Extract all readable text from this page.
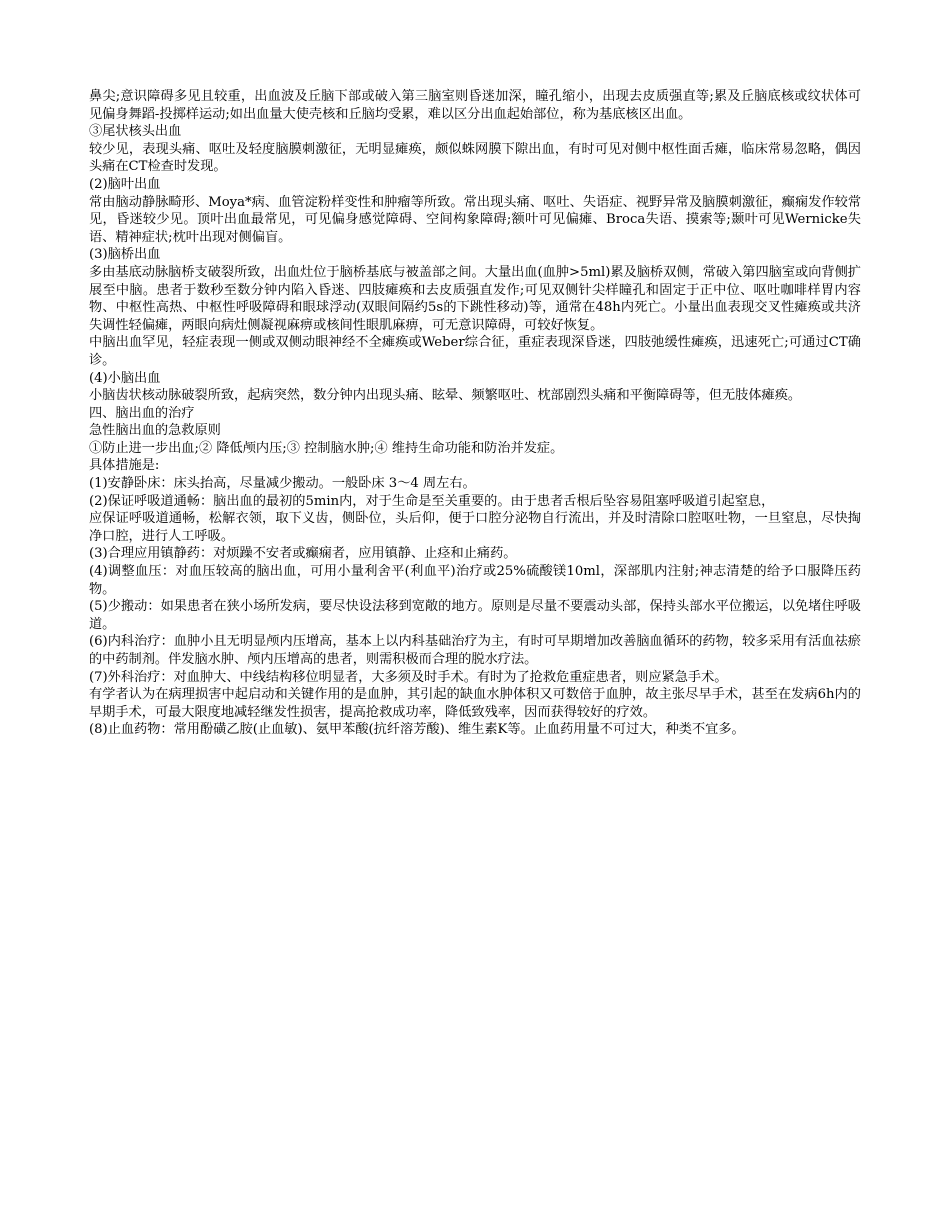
鼻尖;意识障碍多见且较重，出血波及丘脑下部或破入第三脑室则昏迷加深，瞳孔缩小，出现去皮质强直等;累及丘脑底核或纹状体可见偏身舞蹈-投掷样运动;如出血量大使壳核和丘脑均受累，难以区分出血起始部位，称为基底核区出血。

③尾状核头出血

较少见，表现头痛、呕吐及轻度脑膜刺激征，无明显瘫痪，颇似蛛网膜下隙出血，有时可见对侧中枢性面舌瘫，临床常易忽略，偶因头痛在CT检查时发现。

(2)脑叶出血

常由脑动静脉畸形、Moya*病、血管淀粉样变性和肿瘤等所致。常出现头痛、呕吐、失语症、视野异常及脑膜刺激征，癫痫发作较常见，昏迷较少见。顶叶出血最常见，可见偏身感觉障碍、空间构象障碍;额叶可见偏瘫、Broca失语、摸索等;颞叶可见Wernicke失语、精神症状;枕叶出现对侧偏盲。

(3)脑桥出血

多由基底动脉脑桥支破裂所致，出血灶位于脑桥基底与被盖部之间。大量出血(血肿>5ml)累及脑桥双侧，常破入第四脑室或向背侧扩展至中脑。患者于数秒至数分钟内陷入昏迷、四肢瘫痪和去皮质强直发作;可见双侧针尖样瞳孔和固定于正中位、呕吐咖啡样胃内容物、中枢性高热、中枢性呼吸障碍和眼球浮动(双眼间隔约5s的下跳性移动)等，通常在48h内死亡。小量出血表现交叉性瘫痪或共济失调性轻偏瘫，两眼向病灶侧凝视麻痹或核间性眼肌麻痹，可无意识障碍，可较好恢复。

中脑出血罕见，轻症表现一侧或双侧动眼神经不全瘫痪或Weber综合征，重症表现深昏迷，四肢弛缓性瘫痪，迅速死亡;可通过CT确诊。

(4)小脑出血

小脑齿状核动脉破裂所致，起病突然，数分钟内出现头痛、眩晕、频繁呕吐、枕部剧烈头痛和平衡障碍等，但无肢体瘫痪。

四、脑出血的治疗

急性脑出血的急救原则

①防止进一步出血;② 降低颅内压;③ 控制脑水肿;④ 维持生命功能和防治并发症。

具体措施是:

(1)安静卧床：床头抬高，尽量减少搬动。一般卧床 3～4 周左右。

(2)保证呼吸道通畅：脑出血的最初的5min内，对于生命是至关重要的。由于患者舌根后坠容易阻塞呼吸道引起窒息，

应保证呼吸道通畅，松解衣领，取下义齿，侧卧位，头后仰，便于口腔分泌物自行流出，并及时清除口腔呕吐物，一旦窒息，尽快掏净口腔，进行人工呼吸。

(3)合理应用镇静药：对烦躁不安者或癫痫者，应用镇静、止痉和止痛药。

(4)调整血压：对血压较高的脑出血，可用小量利舍平(利血平)治疗或25%硫酸镁10ml，深部肌内注射;神志清楚的给予口服降压药物。

(5)少搬动：如果患者在狭小场所发病，要尽快设法移到宽敞的地方。原则是尽量不要震动头部，保持头部水平位搬运，以免堵住呼吸道。

(6)内科治疗：血肿小且无明显颅内压增高，基本上以内科基础治疗为主，有时可早期增加改善脑血循环的药物，较多采用有活血祛瘀的中药制剂。伴发脑水肿、颅内压增高的患者，则需积极而合理的脱水疗法。

(7)外科治疗：对血肿大、中线结构移位明显者，大多须及时手术。有时为了抢救危重症患者，则应紧急手术。

有学者认为在病理损害中起启动和关键作用的是血肿，其引起的缺血水肿体积又可数倍于血肿，故主张尽早手术，甚至在发病6h内的早期手术，可最大限度地减轻继发性损害，提高抢救成功率，降低致残率，因而获得较好的疗效。

(8)止血药物：常用酚磺乙胺(止血敏)、氨甲苯酸(抗纤溶芳酸)、维生素K等。止血药用量不可过大，种类不宜多。
